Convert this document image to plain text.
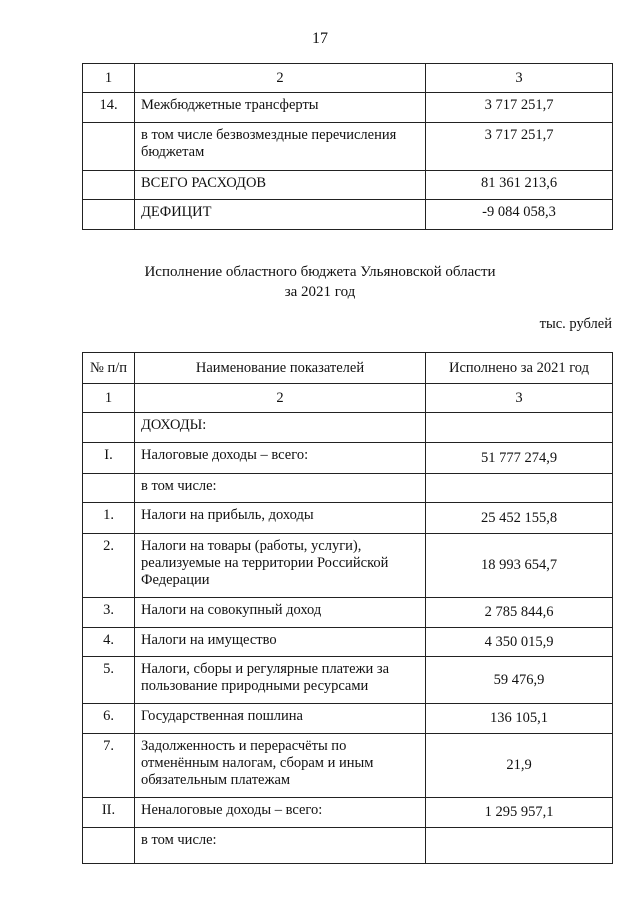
17
1	2	3
14.	Межбюджетные трансферты	3 717 251,7
	в том числе безвозмездные перечисления бюджетам	3 717 251,7
	ВСЕГО РАСХОДОВ	81 361 213,6
	ДЕФИЦИТ	-9 084 058,3
Исполнение областного бюджета Ульяновской области
за 2021 год
тыс. рублей
№ п/п	Наименование показателей	Исполнено за 2021 год
1	2	3
	ДОХОДЫ:	
I.	Налоговые доходы – всего:	51 777 274,9
	в том числе:	
1.	Налоги на прибыль, доходы	25 452 155,8
2.	Налоги на товары (работы, услуги), реализуемые на территории Российской Федерации	18 993 654,7
3.	Налоги на совокупный доход	2 785 844,6
4.	Налоги на имущество	4 350 015,9
5.	Налоги, сборы и регулярные платежи за пользование природными ресурсами	59 476,9
6.	Государственная пошлина	136 105,1
7.	Задолженность и перерасчёты по отменённым налогам, сборам и иным обязательным платежам	21,9
II.	Неналоговые доходы – всего:	1 295 957,1
	в том числе:	
